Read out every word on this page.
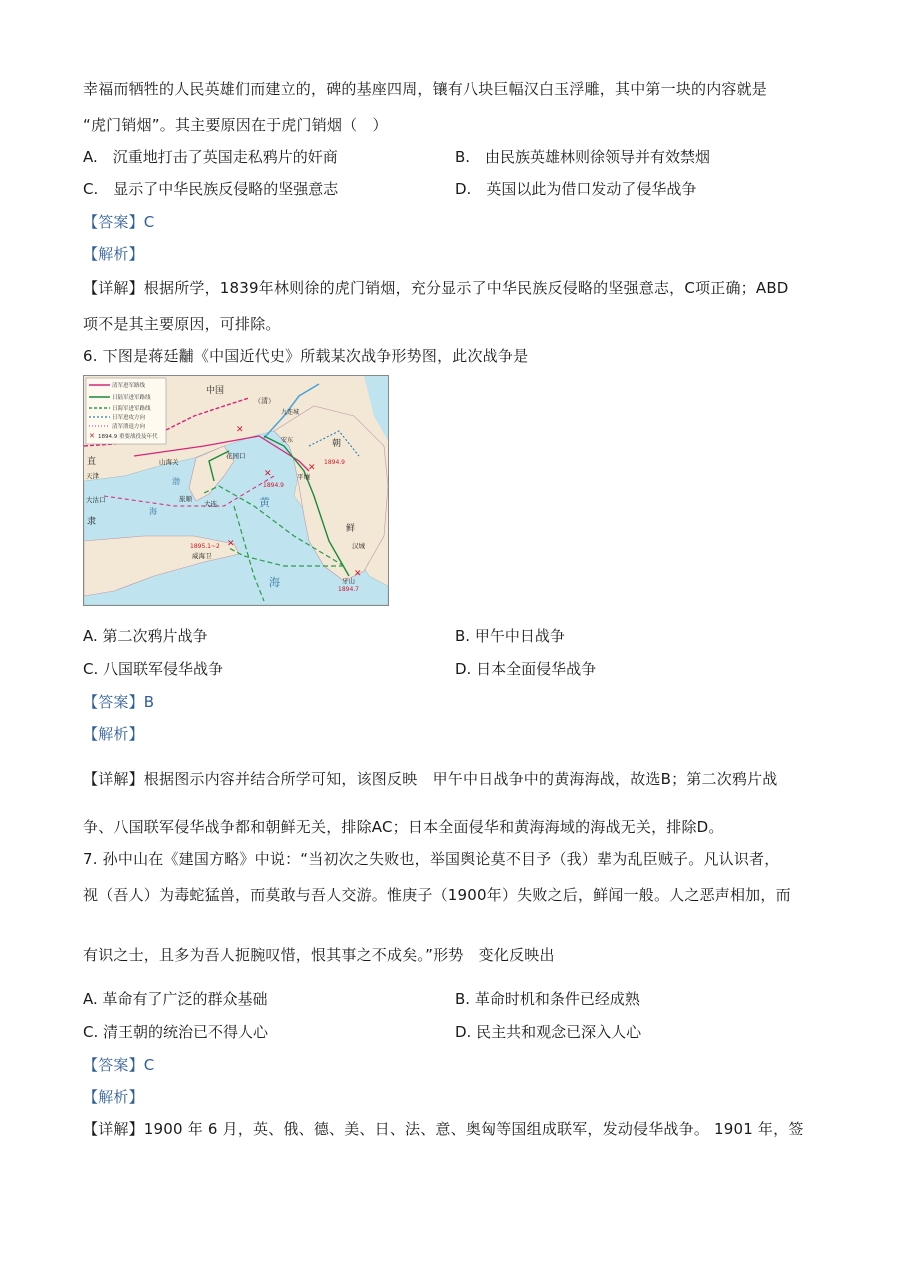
幸福而牺牲的人民英雄们而建立的，碑的基座四周，镶有八块巨幅汉白玉浮雕，其中第一块的内容就是
“虎门销烟”。其主要原因在于虎门销烟（　）
A.　沉重地打击了英国走私鸦片的奸商	B.　由民族英雄林则徐领导并有效禁烟
C.　显示了中华民族反侵略的坚强意志	D.　英国以此为借口发动了侵华战争
【答案】C
【解析】
【详解】根据所学，1839年林则徐的虎门销烟，充分显示了中华民族反侵略的坚强意志，C项正确；ABD
项不是其主要原因，可排除。
6. 下图是蒋廷黼《中国近代史》所载某次战争形势图，此次战争是
✕
清军进军路线
日陆军进军路线
日海军进军路线
日军进攻方向
清军溃退方向
1894.9 重要战役及年代
✕
✕
✕
✕
✕
中国
（清）
九连城
安东	朝
鲜
山海关
花园口
平壤
天津
大沽口
直
隶
渤
海
旅顺
大连	黄
海
威海卫
汉城
牙山
1894.9
1894.9
1895.1~2
1894.7
A. 第二次鸦片战争	B. 甲午中日战争
C. 八国联军侵华战争	D. 日本全面侵华战争
【答案】B
【解析】
【详解】根据图示内容并结合所学可知，该图反映　甲午中日战争中的黄海海战，故选B；第二次鸦片战
争、八国联军侵华战争都和朝鲜无关，排除AC；日本全面侵华和黄海海域的海战无关，排除D。
7. 孙中山在《建国方略》中说：“当初次之失败也，举国舆论莫不目予（我）辈为乱臣贼子。凡认识者，
视（吾人）为毒蛇猛兽，而莫敢与吾人交游。惟庚子（1900年）失败之后，鲜闻一般。人之恶声相加，而
有识之士，且多为吾人扼腕叹惜，恨其事之不成矣。”形势　变化反映出
A. 革命有了广泛的群众基础	B. 革命时机和条件已经成熟
C. 清王朝的统治已不得人心	D. 民主共和观念已深入人心
【答案】C
【解析】
【详解】1900 年 6 月，英、俄、德、美、日、法、意、奥匈等国组成联军，发动侵华战争。 1901 年，签
